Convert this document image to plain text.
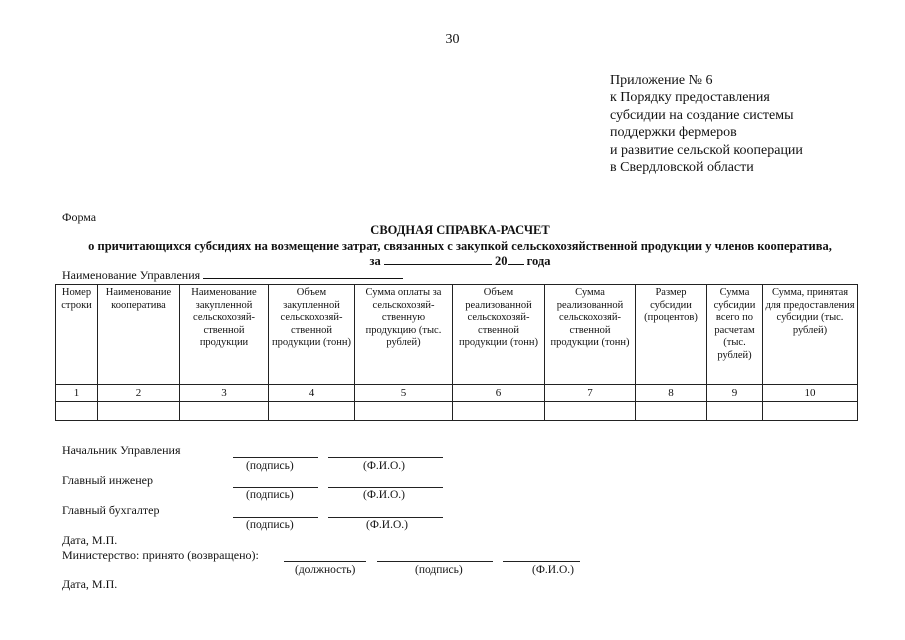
30
Приложение № 6
к Порядку предоставления
субсидии на создание системы
поддержки фермеров
и развитие сельской кооперации
в Свердловской области
Форма
СВОДНАЯ СПРАВКА-РАСЧЕТ
о причитающихся субсидиях на возмещение затрат, связанных с закупкой сельскохозяйственной продукции у членов кооператива,
за	20 года
Наименование Управления
Номер строки	Наименование кооператива	Наименование закупленной сельскохозяй-ственной продукции	Объем закупленной сельскохозяй-ственной продукции (тонн)	Сумма оплаты за сельскохозяй-ственную продукцию (тыс. рублей)	Объем реализованной сельскохозяй-ственной продукции (тонн)	Сумма реализованной сельскохозяй-ственной продукции (тонн)	Размер субсидии (процентов)	Сумма субсидии всего по расчетам (тыс. рублей)	Сумма, принятая для предоставления субсидии (тыс. рублей)
1	2	3	4	5	6	7	8	9	10

Начальник Управления
(подпись)	(Ф.И.О.)
Главный инженер
(подпись)	(Ф.И.О.)
Главный бухгалтер
(подпись)	(Ф.И.О.)
Дата, М.П.
Министерство: принято (возвращено):
(должность)	(подпись)	(Ф.И.О.)
Дата, М.П.
